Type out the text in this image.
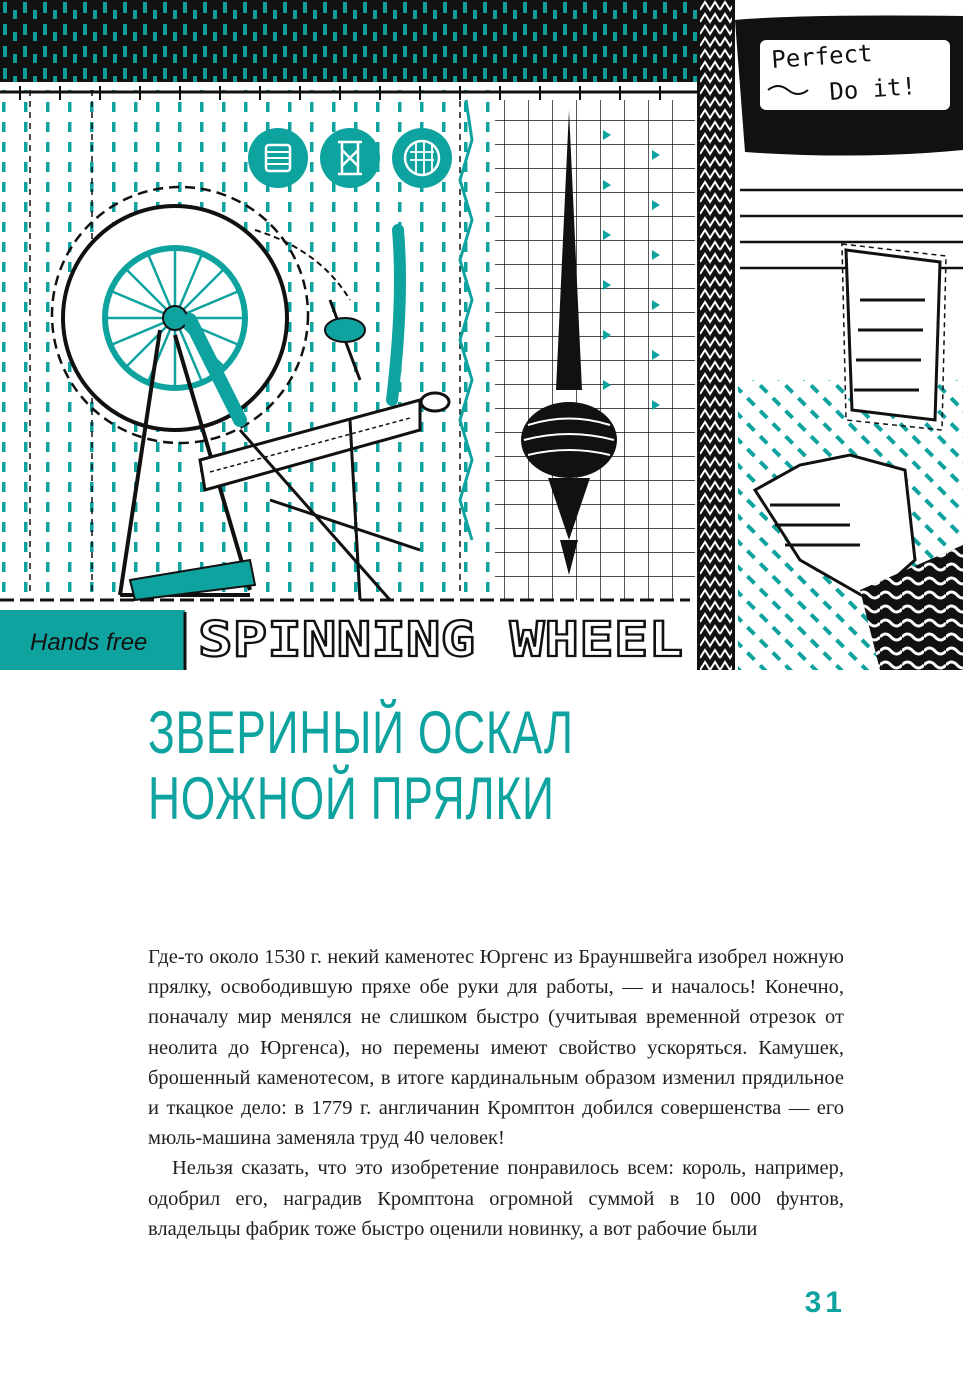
Hands free SPINNING WHEEL
Perfect
Do it!
ЗВЕРИНЫЙ ОСКАЛ
НОЖНОЙ ПРЯЛКИ

Где-то около 1530 г. некий каменотес Юргенс из Брауншвейга изобрел ножную прялку, освободившую пряхе обе руки для работы, — и началось! Конечно, поначалу мир менялся не слишком быстро (учитывая временной отрезок от неолита до Юргенса), но перемены имеют свойство ускоряться. Камушек, брошенный каменотесом, в итоге кардинальным образом изменил прядильное и ткацкое дело: в 1779 г. англичанин Кромптон добился совершенства — его мюль-машина заменяла труд 40 человек!

Нельзя сказать, что это изобретение понравилось всем: король, например, одобрил его, наградив Кромптона огромной суммой в 10 000 фунтов, владельцы фабрик тоже быстро оценили новинку, а вот рабочие были

31
